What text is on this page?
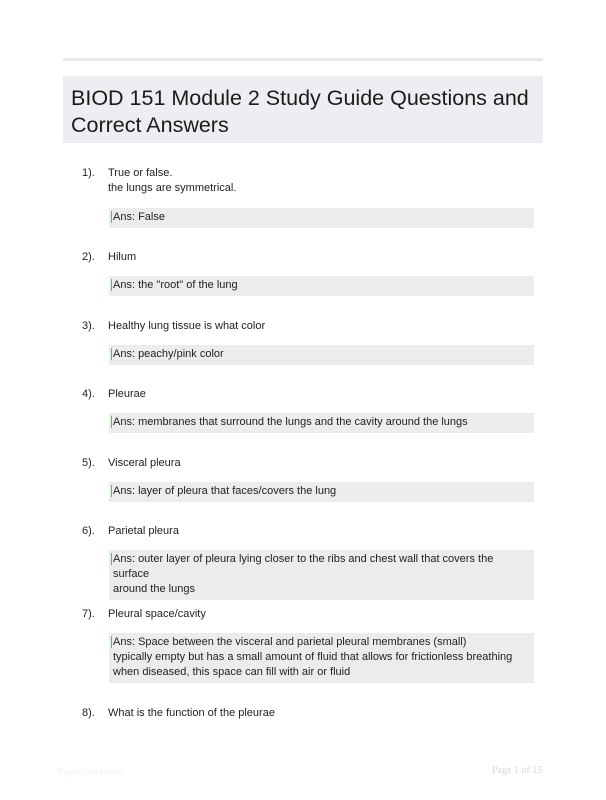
BIOD 151 Module 2 Study Guide Questions and
Correct Answers
1). True or false.
the lungs are symmetrical.
Ans: False
2). Hilum
Ans: the "root" of the lung
3). Healthy lung tissue is what color
Ans: peachy/pink color
4). Pleurae
Ans: membranes that surround the lungs and the cavity around the lungs
5). Visceral pleura
Ans: layer of pleura that faces/covers the lung
6). Parietal pleura
Ans: outer layer of pleura lying closer to the ribs and chest wall that covers the surface
around the lungs
7). Pleural space/cavity
Ans: Space between the visceral and parietal pleural membranes (small)
typically empty but has a small amount of fluid that allows for frictionless breathing
when diseased, this space can fill with air or fluid
8). What is the function of the pleurae
PaperStore.com	Page 1 of 15
